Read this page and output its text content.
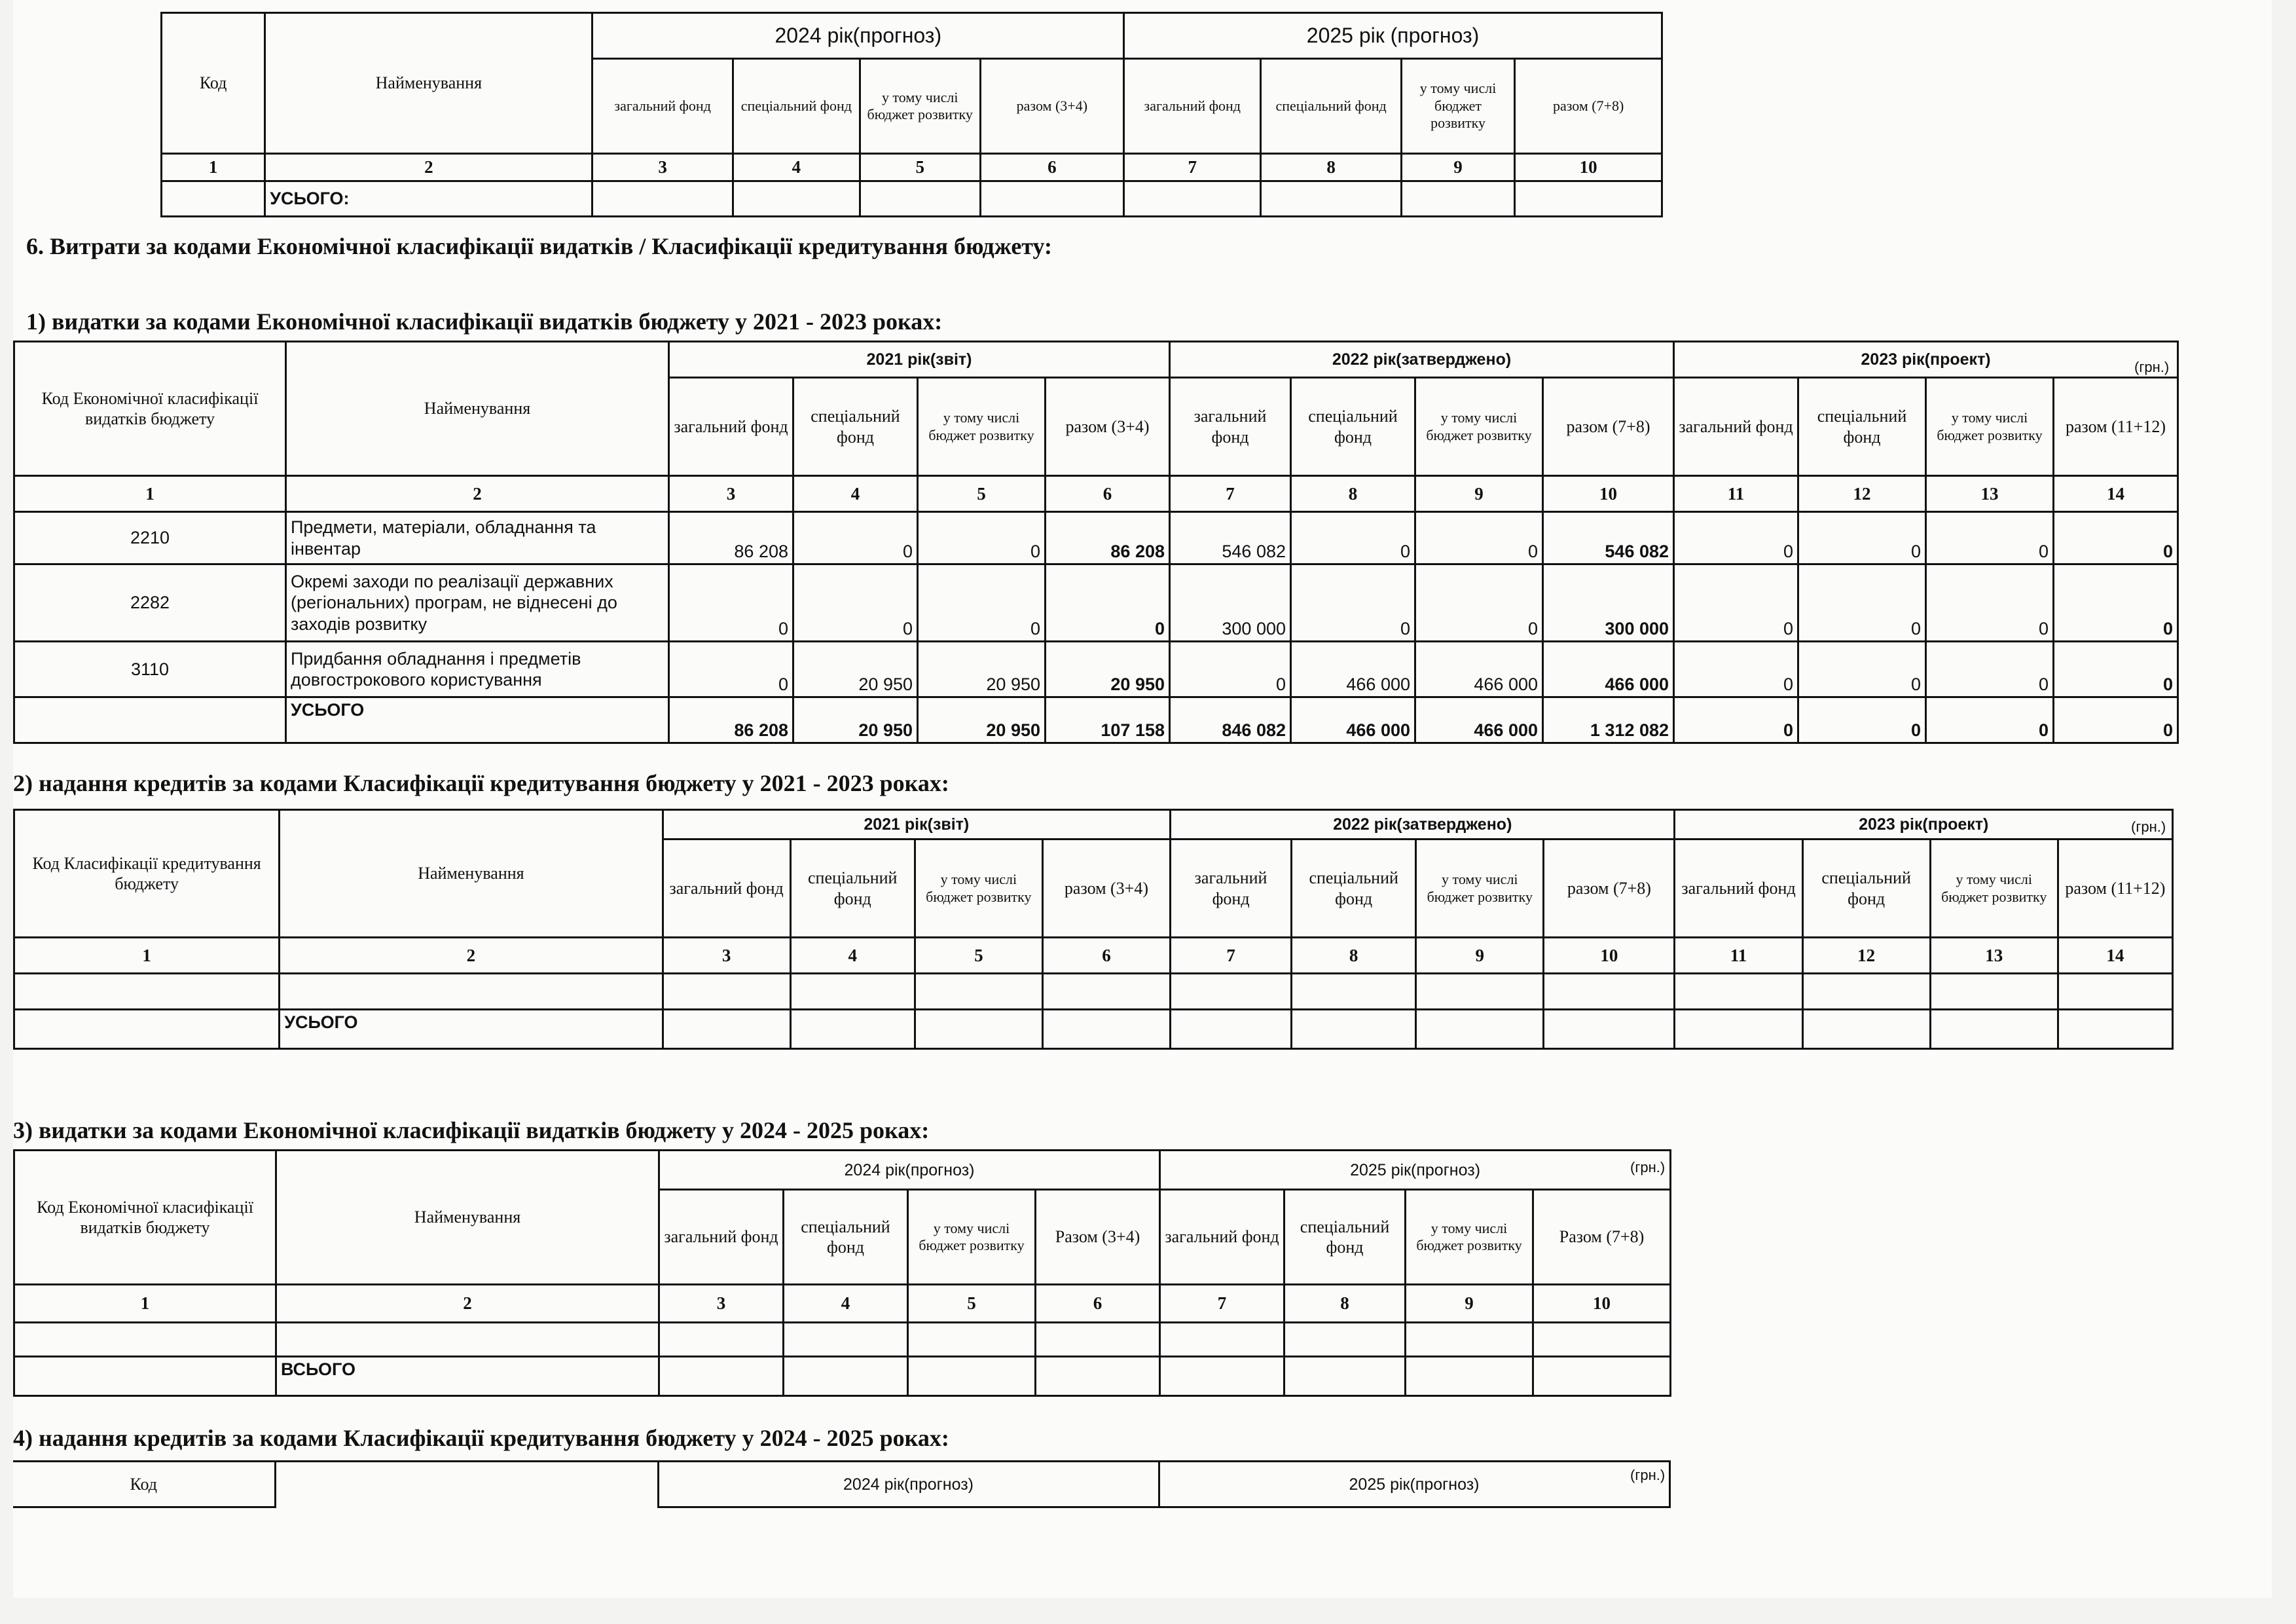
Код	Найменування	2024 рік(прогноз)				2025 рік (прогноз)			
		загальний фонд	спеціальний фонд	у тому числі бюджет розвитку	разом (3+4)	загальний фонд	спеціальний фонд	у тому числі бюджет розвитку	разом (7+8)
1	2	3	4	5	6	7	8	9	10
	УСЬОГО:								
6. Витрати за кодами Економічної класифікації видатків / Класифікації кредитування бюджету:
1) видатки за кодами Економічної класифікації видатків бюджету у 2021 - 2023 роках:
(грн.)
Код Економічної класифікації видатків бюджету	Найменування	2021 рік(звіт)				2022 рік(затверджено)				2023 рік(проект)			
		загальний фонд	спеціальний фонд	у тому числі бюджет розвитку	разом (3+4)	загальний фонд	спеціальний фонд	у тому числі бюджет розвитку	разом (7+8)	загальний фонд	спеціальний фонд	у тому числі бюджет розвитку	разом (11+12)
1	2	3	4	5	6	7	8	9	10	11	12	13	14
2210	Предмети, матеріали, обладнання та інвентар	86 208	0	0	86 208	546 082	0	0	546 082	0	0	0	0
2282	Окремі заходи по реалізації державних (регіональних) програм, не віднесені до заходів розвитку	0	0	0	0	300 000	0	0	300 000	0	0	0	0
3110	Придбання обладнання і предметів довгострокового користування	0	20 950	20 950	20 950	0	466 000	466 000	466 000	0	0	0	0
	УСЬОГО	86 208	20 950	20 950	107 158	846 082	466 000	466 000	1 312 082	0	0	0	0
2) надання кредитів за кодами Класифікації кредитування бюджету у 2021 - 2023 роках:
(грн.)
Код Класифікації кредитування бюджету	Найменування	2021 рік(звіт)				2022 рік(затверджено)				2023 рік(проект)			
		загальний фонд	спеціальний фонд	у тому числі бюджет розвитку	разом (3+4)	загальний фонд	спеціальний фонд	у тому числі бюджет розвитку	разом (7+8)	загальний фонд	спеціальний фонд	у тому числі бюджет розвитку	разом (11+12)
1	2	3	4	5	6	7	8	9	10	11	12	13	14

	УСЬОГО												
3) видатки за кодами Економічної класифікації видатків бюджету у 2024 - 2025 роках:
(грн.)
Код Економічної класифікації видатків бюджету	Найменування	2024 рік(прогноз)				2025 рік(прогноз)			
		загальний фонд	спеціальний фонд	у тому числі бюджет розвитку	Разом (3+4)	загальний фонд	спеціальний фонд	у тому числі бюджет розвитку	Разом (7+8)
1	2	3	4	5	6	7	8	9	10

	ВСЬОГО								
4) надання кредитів за кодами Класифікації кредитування бюджету у 2024 - 2025 роках:
(грн.)
Код		2024 рік(прогноз)	2025 рік(прогноз)
